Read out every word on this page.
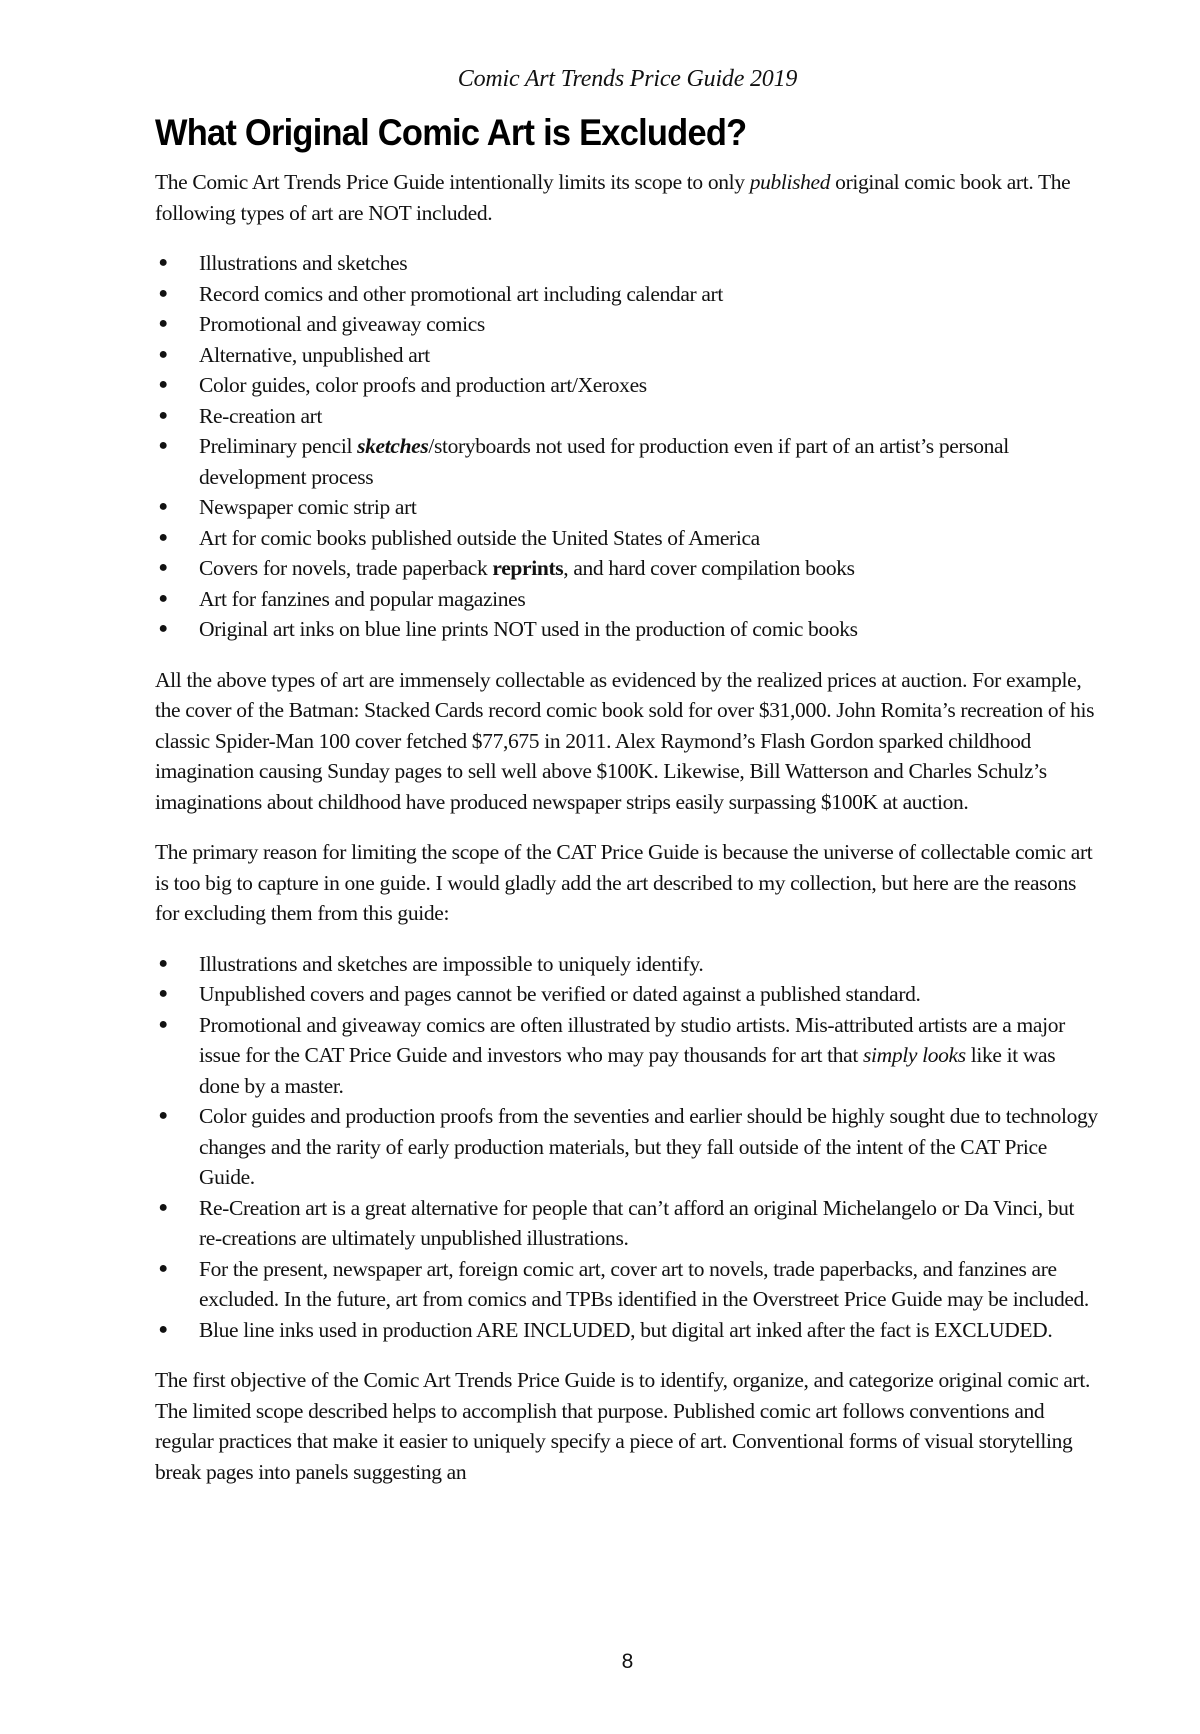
Comic Art Trends Price Guide 2019

What Original Comic Art is Excluded?

The Comic Art Trends Price Guide intentionally limits its scope to only published original comic book art. The following types of art are NOT included.

● Illustrations and sketches
● Record comics and other promotional art including calendar art
● Promotional and giveaway comics
● Alternative, unpublished art
● Color guides, color proofs and production art/Xeroxes
● Re-creation art
● Preliminary pencil sketches/storyboards not used for production even if part of an artist’s personal development process
● Newspaper comic strip art
● Art for comic books published outside the United States of America
● Covers for novels, trade paperback reprints, and hard cover compilation books
● Art for fanzines and popular magazines
● Original art inks on blue line prints NOT used in the production of comic books

All the above types of art are immensely collectable as evidenced by the realized prices at auction. For example, the cover of the Batman: Stacked Cards record comic book sold for over $31,000. John Romita’s recreation of his classic Spider-Man 100 cover fetched $77,675 in 2011. Alex Raymond’s Flash Gordon sparked childhood imagination causing Sunday pages to sell well above $100K. Likewise, Bill Watterson and Charles Schulz’s imaginations about childhood have produced newspaper strips easily surpassing $100K at auction.

The primary reason for limiting the scope of the CAT Price Guide is because the universe of collectable comic art is too big to capture in one guide. I would gladly add the art described to my collection, but here are the reasons for excluding them from this guide:

● Illustrations and sketches are impossible to uniquely identify.
● Unpublished covers and pages cannot be verified or dated against a published standard.
● Promotional and giveaway comics are often illustrated by studio artists. Mis-attributed artists are a major issue for the CAT Price Guide and investors who may pay thousands for art that simply looks like it was done by a master.
● Color guides and production proofs from the seventies and earlier should be highly sought due to technology changes and the rarity of early production materials, but they fall outside of the intent of the CAT Price Guide.
● Re-Creation art is a great alternative for people that can’t afford an original Michelangelo or Da Vinci, but re-creations are ultimately unpublished illustrations.
● For the present, newspaper art, foreign comic art, cover art to novels, trade paperbacks, and fanzines are excluded. In the future, art from comics and TPBs identified in the Overstreet Price Guide may be included.
● Blue line inks used in production ARE INCLUDED, but digital art inked after the fact is EXCLUDED.

The first objective of the Comic Art Trends Price Guide is to identify, organize, and categorize original comic art. The limited scope described helps to accomplish that purpose. Published comic art follows conventions and regular practices that make it easier to uniquely specify a piece of art. Conventional forms of visual storytelling break pages into panels suggesting an

8
